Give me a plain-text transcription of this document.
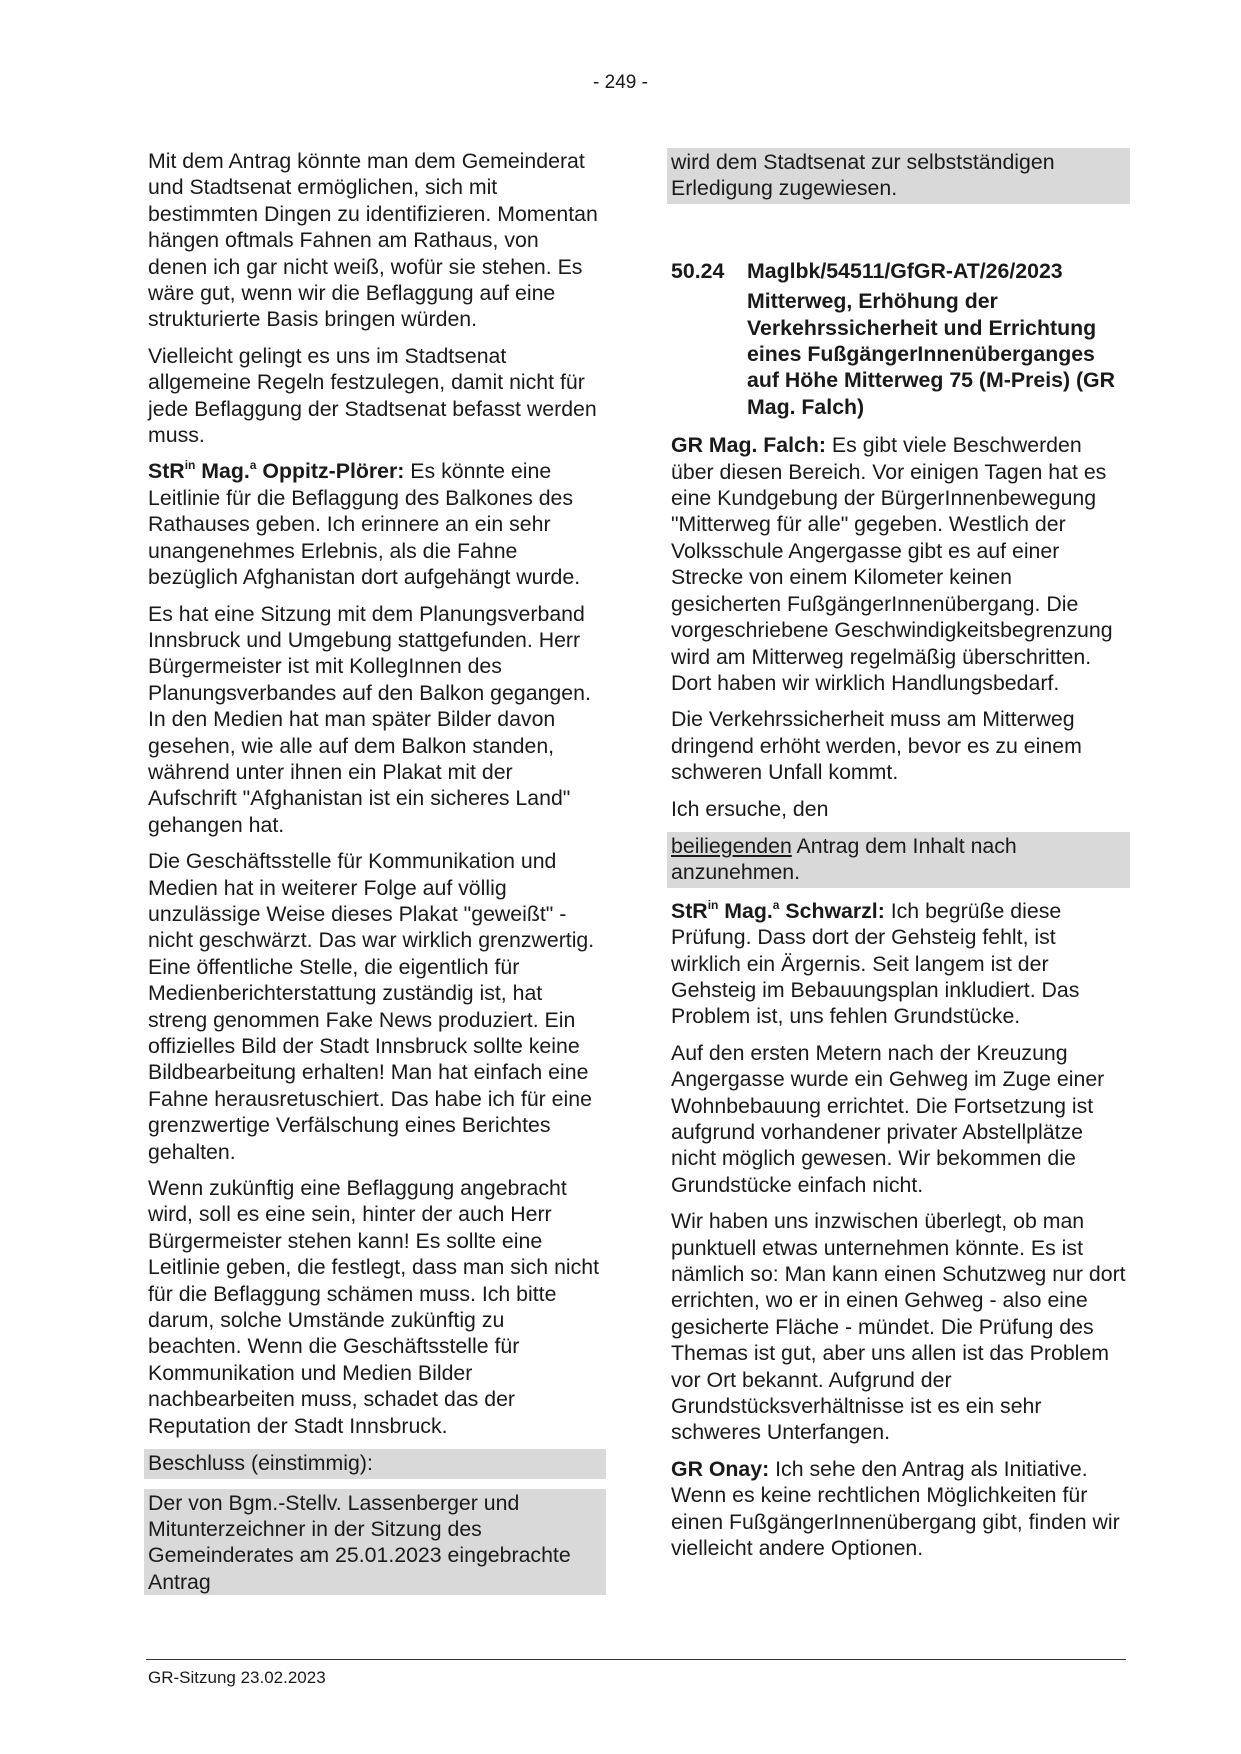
- 249 -

Mit dem Antrag könnte man dem Gemeinderat und Stadtsenat ermöglichen, sich mit bestimmten Dingen zu identifizieren. Momentan hängen oftmals Fahnen am Rathaus, von denen ich gar nicht weiß, wofür sie stehen. Es wäre gut, wenn wir die Beflaggung auf eine strukturierte Basis bringen würden.

Vielleicht gelingt es uns im Stadtsenat allgemeine Regeln festzulegen, damit nicht für jede Beflaggung der Stadtsenat befasst werden muss.

StR$^{in}$ Mag.$^a$ Oppitz-Plörer: Es könnte eine Leitlinie für die Beflaggung des Balkones des Rathauses geben. Ich erinnere an ein sehr unangenehmes Erlebnis, als die Fahne bezüglich Afghanistan dort aufgehängt wurde.

Es hat eine Sitzung mit dem Planungsverband Innsbruck und Umgebung stattgefunden. Herr Bürgermeister ist mit KollegInnen des Planungsverbandes auf den Balkon gegangen. In den Medien hat man später Bilder davon gesehen, wie alle auf dem Balkon standen, während unter ihnen ein Plakat mit der Aufschrift "Afghanistan ist ein sicheres Land" gehangen hat.

Die Geschäftsstelle für Kommunikation und Medien hat in weiterer Folge auf völlig unzulässige Weise dieses Plakat "geweißt" - nicht geschwärzt. Das war wirklich grenzwertig. Eine öffentliche Stelle, die eigentlich für Medienberichterstattung zuständig ist, hat streng genommen Fake News produziert. Ein offizielles Bild der Stadt Innsbruck sollte keine Bildbearbeitung erhalten! Man hat einfach eine Fahne herausretuschiert. Das habe ich für eine grenzwertige Verfälschung eines Berichtes gehalten.

Wenn zukünftig eine Beflaggung angebracht wird, soll es eine sein, hinter der auch Herr Bürgermeister stehen kann! Es sollte eine Leitlinie geben, die festlegt, dass man sich nicht für die Beflaggung schämen muss. Ich bitte darum, solche Umstände zukünftig zu beachten. Wenn die Geschäftsstelle für Kommunikation und Medien Bilder nachbearbeiten muss, schadet das der Reputation der Stadt Innsbruck.

Beschluss (einstimmig):

Der von Bgm.-Stellv. Lassenberger und Mitunterzeichner in der Sitzung des Gemeinderates am 25.01.2023 eingebrachte Antrag

wird dem Stadtsenat zur selbstständigen Erledigung zugewiesen.

50.24	Maglbk/54511/GfGR-AT/26/2023

Mitterweg, Erhöhung der Verkehrssicherheit und Errichtung eines FußgängerInnenüberganges auf Höhe Mitterweg 75 (M-Preis) (GR Mag. Falch)

GR Mag. Falch: Es gibt viele Beschwerden über diesen Bereich. Vor einigen Tagen hat es eine Kundgebung der BürgerInnenbewegung "Mitterweg für alle" gegeben. Westlich der Volksschule Angergasse gibt es auf einer Strecke von einem Kilometer keinen gesicherten FußgängerInnenübergang. Die vorgeschriebene Geschwindigkeitsbegrenzung wird am Mitterweg regelmäßig überschritten. Dort haben wir wirklich Handlungsbedarf.

Die Verkehrssicherheit muss am Mitterweg dringend erhöht werden, bevor es zu einem schweren Unfall kommt.

Ich ersuche, den

beiliegenden Antrag dem Inhalt nach anzunehmen.

StR$^{in}$ Mag.$^a$ Schwarzl: Ich begrüße diese Prüfung. Dass dort der Gehsteig fehlt, ist wirklich ein Ärgernis. Seit langem ist der Gehsteig im Bebauungsplan inkludiert. Das Problem ist, uns fehlen Grundstücke.

Auf den ersten Metern nach der Kreuzung Angergasse wurde ein Gehweg im Zuge einer Wohnbebauung errichtet. Die Fortsetzung ist aufgrund vorhandener privater Abstellplätze nicht möglich gewesen. Wir bekommen die Grundstücke einfach nicht.

Wir haben uns inzwischen überlegt, ob man punktuell etwas unternehmen könnte. Es ist nämlich so: Man kann einen Schutzweg nur dort errichten, wo er in einen Gehweg - also eine gesicherte Fläche - mündet. Die Prüfung des Themas ist gut, aber uns allen ist das Problem vor Ort bekannt. Aufgrund der Grundstücksverhältnisse ist es ein sehr schweres Unterfangen.

GR Onay: Ich sehe den Antrag als Initiative. Wenn es keine rechtlichen Möglichkeiten für einen FußgängerInnenübergang gibt, finden wir vielleicht andere Optionen.

GR-Sitzung 23.02.2023
